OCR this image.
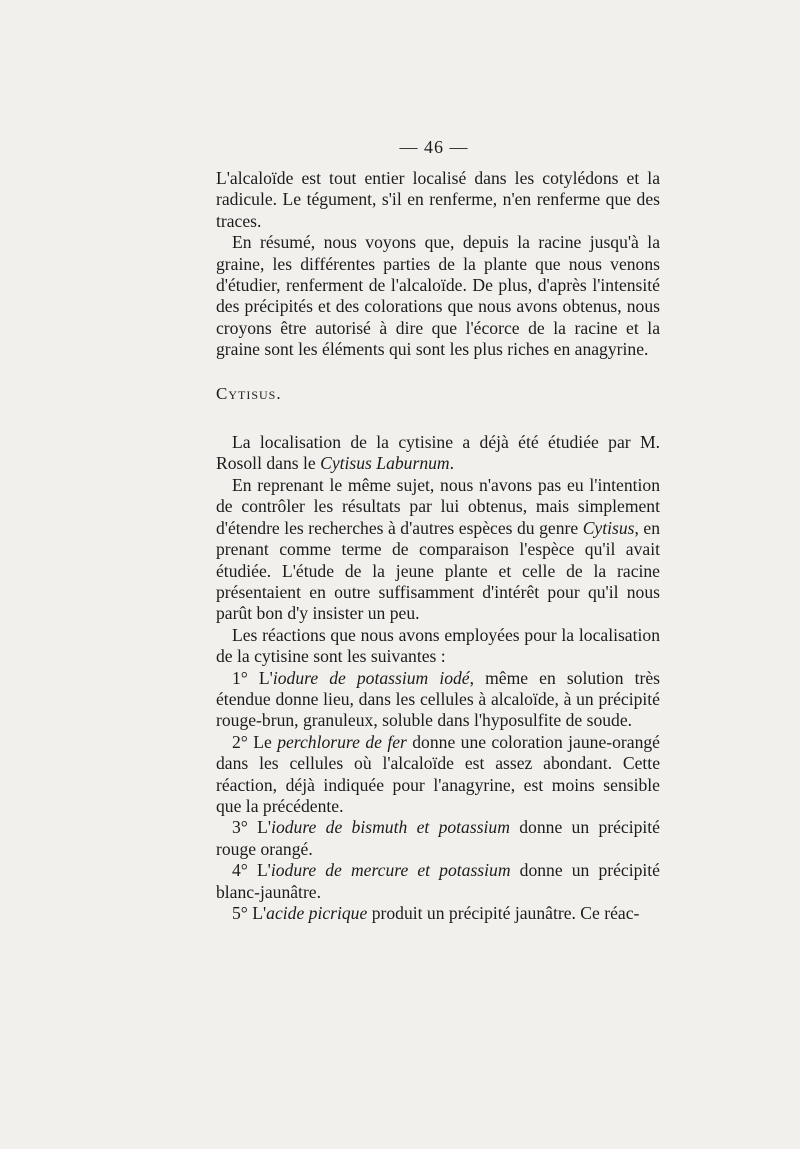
— 46 —

L'alcaloïde est tout entier localisé dans les cotylédons et la radicule. Le tégument, s'il en renferme, n'en renferme que des traces.

En résumé, nous voyons que, depuis la racine jusqu'à la graine, les différentes parties de la plante que nous venons d'étudier, renferment de l'alcaloïde. De plus, d'après l'intensité des précipités et des colorations que nous avons obtenus, nous croyons être autorisé à dire que l'écorce de la racine et la graine sont les éléments qui sont les plus riches en anagyrine.

Cytisus.

La localisation de la cytisine a déjà été étudiée par M. Rosoll dans le Cytisus Laburnum.

En reprenant le même sujet, nous n'avons pas eu l'intention de contrôler les résultats par lui obtenus, mais simplement d'étendre les recherches à d'autres espèces du genre Cytisus, en prenant comme terme de comparaison l'espèce qu'il avait étudiée. L'étude de la jeune plante et celle de la racine présentaient en outre suffisamment d'intérêt pour qu'il nous parût bon d'y insister un peu.

Les réactions que nous avons employées pour la localisation de la cytisine sont les suivantes :

1° L'iodure de potassium iodé, même en solution très étendue donne lieu, dans les cellules à alcaloïde, à un précipité rouge-brun, granuleux, soluble dans l'hyposulfite de soude.

2° Le perchlorure de fer donne une coloration jaune-orangé dans les cellules où l'alcaloïde est assez abondant. Cette réaction, déjà indiquée pour l'anagyrine, est moins sensible que la précédente.

3° L'iodure de bismuth et potassium donne un précipité rouge orangé.

4° L'iodure de mercure et potassium donne un précipité blanc-jaunâtre.

5° L'acide picrique produit un précipité jaunâtre. Ce réac-
